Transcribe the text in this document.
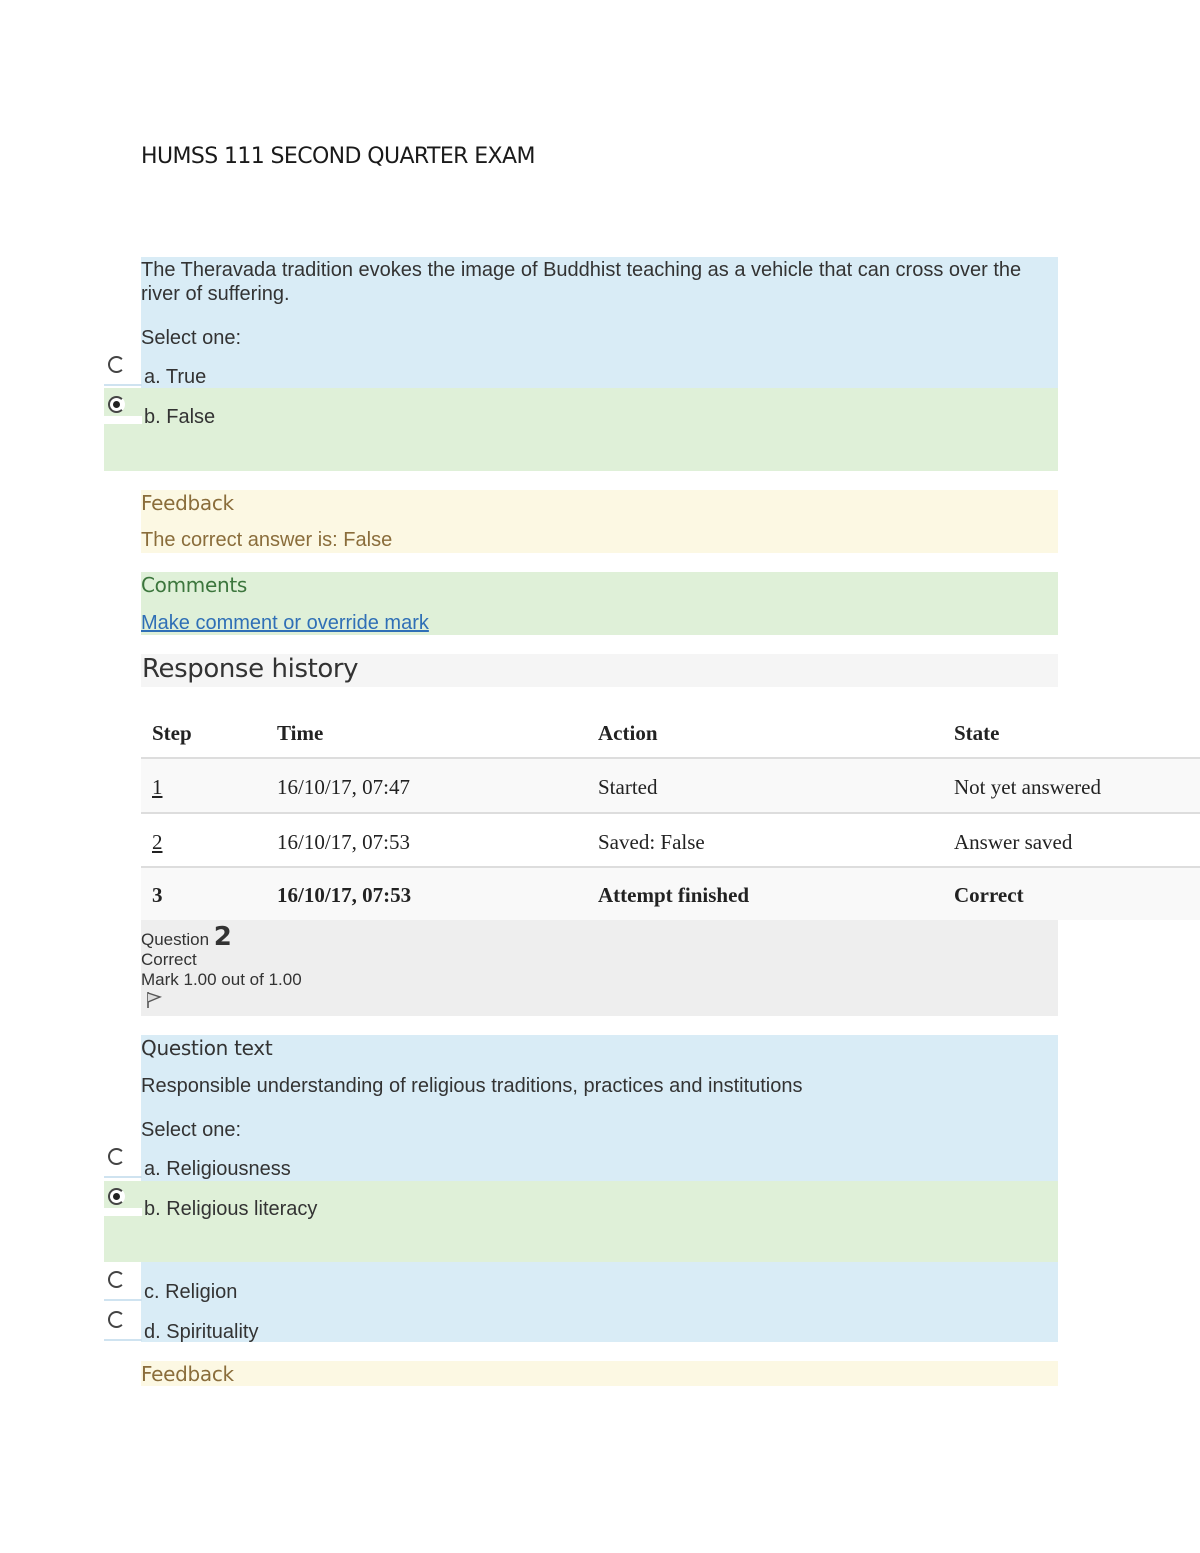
HUMSS 111 SECOND QUARTER EXAM
The Theravada tradition evokes the image of Buddhist teaching as a vehicle that can cross over the
river of suffering.
Select one:
a. True
b. False
Feedback
The correct answer is: False
Comments
Make comment or override mark
Response history
Step	Time	Action	State
1	16/10/17, 07:47	Started	Not yet answered
2	16/10/17, 07:53	Saved: False	Answer saved
3	16/10/17, 07:53	Attempt finished	Correct
Question 2
Correct
Mark 1.00 out of 1.00
Question text
Responsible understanding of religious traditions, practices and institutions
Select one:
a. Religiousness
b. Religious literacy
c. Religion
d. Spirituality
Feedback
